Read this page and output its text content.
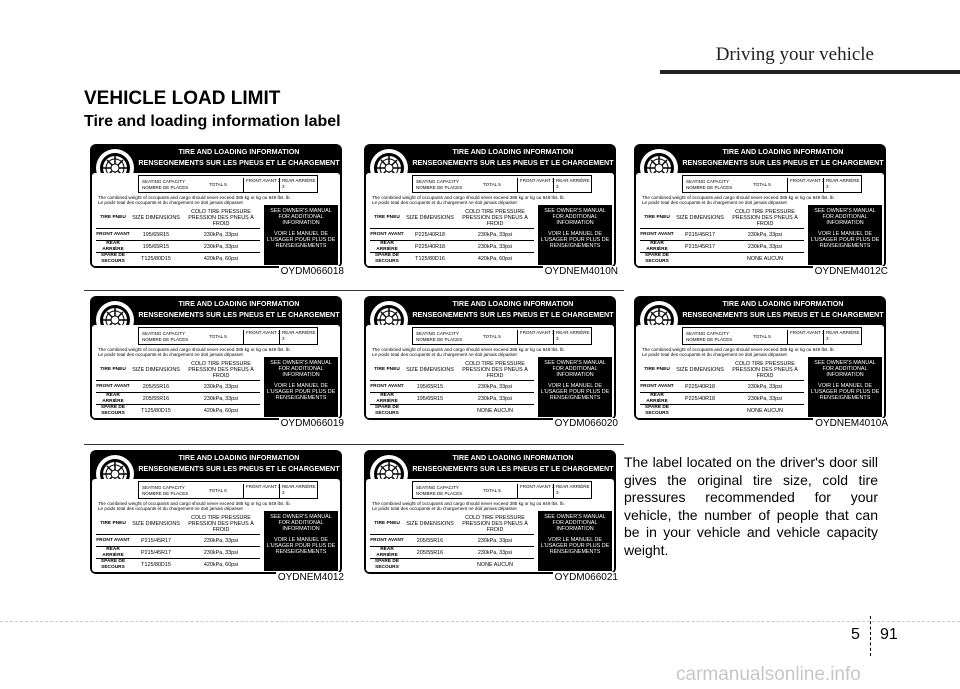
Driving your vehicle
VEHICLE LOAD LIMIT
Tire and loading information label
TIRE AND LOADING INFORMATION
RENSEGNEMENTS SUR LES PNEUS ET LE CHARGEMENT
SEATING CAPACITY NOMBRE DE PLACES	TOTAL 5
FRONT AVANT 2 REAR ARRIÈRE 3
The combined weight of occupants and cargo should never exceed 385 kg or kg ou 849 lbs. lb.
Le poids total des occupants et du chargement ne doit jamais dépasser
TIRE PNEU	SIZE DIMENSIONS
COLD TIRE PRESSURE PRESSION DES PNEUS À FROID
FRONT AVANT	195/65R15	230kPa, 33psi
REAR ARRIÈRE	195/65R15	230kPa, 33psi
SPARE DE SECOURS	T125/80D15	420kPa, 60psi
SEE OWNER'S MANUAL FOR ADDITIONAL INFORMATION
VOIR LE MANUEL DE L'USAGER POUR PLUS DE RENSEIGNEMENTS
OYDM066018
TIRE AND LOADING INFORMATION
RENSEGNEMENTS SUR LES PNEUS ET LE CHARGEMENT
SEATING CAPACITY NOMBRE DE PLACES	TOTAL 5
FRONT AVANT 2 REAR ARRIÈRE 3
The combined weight of occupants and cargo should never exceed 385 kg or kg ou 849 lbs. lb.
Le poids total des occupants et du chargement ne doit jamais dépasser
TIRE PNEU	SIZE DIMENSIONS
COLD TIRE PRESSURE PRESSION DES PNEUS À FROID
FRONT AVANT	P225/40R18	230kPa, 33psi
REAR ARRIÈRE	P225/40R18	230kPa, 33psi
SPARE DE SECOURS	T125/80D16	420kPa, 60psi
SEE OWNER'S MANUAL FOR ADDITIONAL INFORMATION
VOIR LE MANUEL DE L'USAGER POUR PLUS DE RENSEIGNEMENTS
OYDNEM4010N
TIRE AND LOADING INFORMATION
RENSEGNEMENTS SUR LES PNEUS ET LE CHARGEMENT
SEATING CAPACITY NOMBRE DE PLACES	TOTAL 5
FRONT AVANT 2 REAR ARRIÈRE 3
The combined weight of occupants and cargo should never exceed 385 kg or kg ou 849 lbs. lb.
Le poids total des occupants et du chargement ne doit jamais dépasser
TIRE PNEU	SIZE DIMENSIONS
COLD TIRE PRESSURE PRESSION DES PNEUS À FROID
FRONT AVANT	P215/45R17	230kPa, 33psi
REAR ARRIÈRE	P215/45R17	230kPa, 33psi
SPARE DE SECOURS	NONE AUCUN
SEE OWNER'S MANUAL FOR ADDITIONAL INFORMATION
VOIR LE MANUEL DE L'USAGER POUR PLUS DE RENSEIGNEMENTS
OYDNEM4012C
TIRE AND LOADING INFORMATION
RENSEGNEMENTS SUR LES PNEUS ET LE CHARGEMENT
SEATING CAPACITY NOMBRE DE PLACES	TOTAL 5
FRONT AVANT 2 REAR ARRIÈRE 3
The combined weight of occupants and cargo should never exceed 385 kg or kg ou 849 lbs. lb.
Le poids total des occupants et du chargement ne doit jamais dépasser
TIRE PNEU	SIZE DIMENSIONS
COLD TIRE PRESSURE PRESSION DES PNEUS À FROID
FRONT AVANT	205/55R16	230kPa, 33psi
REAR ARRIÈRE	205/55R16	230kPa, 33psi
SPARE DE SECOURS	T125/80D15	420kPa, 60psi
SEE OWNER'S MANUAL FOR ADDITIONAL INFORMATION
VOIR LE MANUEL DE L'USAGER POUR PLUS DE RENSEIGNEMENTS
OYDM066019
TIRE AND LOADING INFORMATION
RENSEGNEMENTS SUR LES PNEUS ET LE CHARGEMENT
SEATING CAPACITY NOMBRE DE PLACES	TOTAL 5
FRONT AVANT 2 REAR ARRIÈRE 3
The combined weight of occupants and cargo should never exceed 385 kg or kg ou 849 lbs. lb.
Le poids total des occupants et du chargement ne doit jamais dépasser
TIRE PNEU	SIZE DIMENSIONS
COLD TIRE PRESSURE PRESSION DES PNEUS À FROID
FRONT AVANT	195/65R15	230kPa, 33psi
REAR ARRIÈRE	195/65R15	230kPa, 33psi
SPARE DE SECOURS	NONE AUCUN
SEE OWNER'S MANUAL FOR ADDITIONAL INFORMATION
VOIR LE MANUEL DE L'USAGER POUR PLUS DE RENSEIGNEMENTS
OYDM066020
TIRE AND LOADING INFORMATION
RENSEGNEMENTS SUR LES PNEUS ET LE CHARGEMENT
SEATING CAPACITY NOMBRE DE PLACES	TOTAL 5
FRONT AVANT 2 REAR ARRIÈRE 3
The combined weight of occupants and cargo should never exceed 385 kg or kg ou 849 lbs. lb.
Le poids total des occupants et du chargement ne doit jamais dépasser
TIRE PNEU	SIZE DIMENSIONS
COLD TIRE PRESSURE PRESSION DES PNEUS À FROID
FRONT AVANT	P225/40R18	230kPa, 33psi
REAR ARRIÈRE	P225/40R18	230kPa, 33psi
SPARE DE SECOURS	NONE AUCUN
SEE OWNER'S MANUAL FOR ADDITIONAL INFORMATION
VOIR LE MANUEL DE L'USAGER POUR PLUS DE RENSEIGNEMENTS
OYDNEM4010A
TIRE AND LOADING INFORMATION
RENSEGNEMENTS SUR LES PNEUS ET LE CHARGEMENT
SEATING CAPACITY NOMBRE DE PLACES	TOTAL 5
FRONT AVANT 2 REAR ARRIÈRE 3
The combined weight of occupants and cargo should never exceed 385 kg or kg ou 849 lbs. lb.
Le poids total des occupants et du chargement ne doit jamais dépasser
TIRE PNEU	SIZE DIMENSIONS
COLD TIRE PRESSURE PRESSION DES PNEUS À FROID
FRONT AVANT	P215/45R17	230kPa, 33psi
REAR ARRIÈRE	P215/45R17	230kPa, 33psi
SPARE DE SECOURS	T125/80D15	420kPa, 60psi
SEE OWNER'S MANUAL FOR ADDITIONAL INFORMATION
VOIR LE MANUEL DE L'USAGER POUR PLUS DE RENSEIGNEMENTS
OYDNEM4012
TIRE AND LOADING INFORMATION
RENSEGNEMENTS SUR LES PNEUS ET LE CHARGEMENT
SEATING CAPACITY NOMBRE DE PLACES	TOTAL 5
FRONT AVANT 2 REAR ARRIÈRE 3
The combined weight of occupants and cargo should never exceed 385 kg or kg ou 849 lbs. lb.
Le poids total des occupants et du chargement ne doit jamais dépasser
TIRE PNEU	SIZE DIMENSIONS
COLD TIRE PRESSURE PRESSION DES PNEUS À FROID
FRONT AVANT	205/55R16	230kPa, 33psi
REAR ARRIÈRE	205/55R16	230kPa, 33psi
SPARE DE SECOURS	NONE AUCUN
SEE OWNER'S MANUAL FOR ADDITIONAL INFORMATION
VOIR LE MANUEL DE L'USAGER POUR PLUS DE RENSEIGNEMENTS
OYDM066021
The label located on the driver's door sill gives the original tire size, cold tire pressures recommended for your vehicle, the number of people that can be in your vehicle and vehicle capacity weight.
5 91
carmanualsonline.info
